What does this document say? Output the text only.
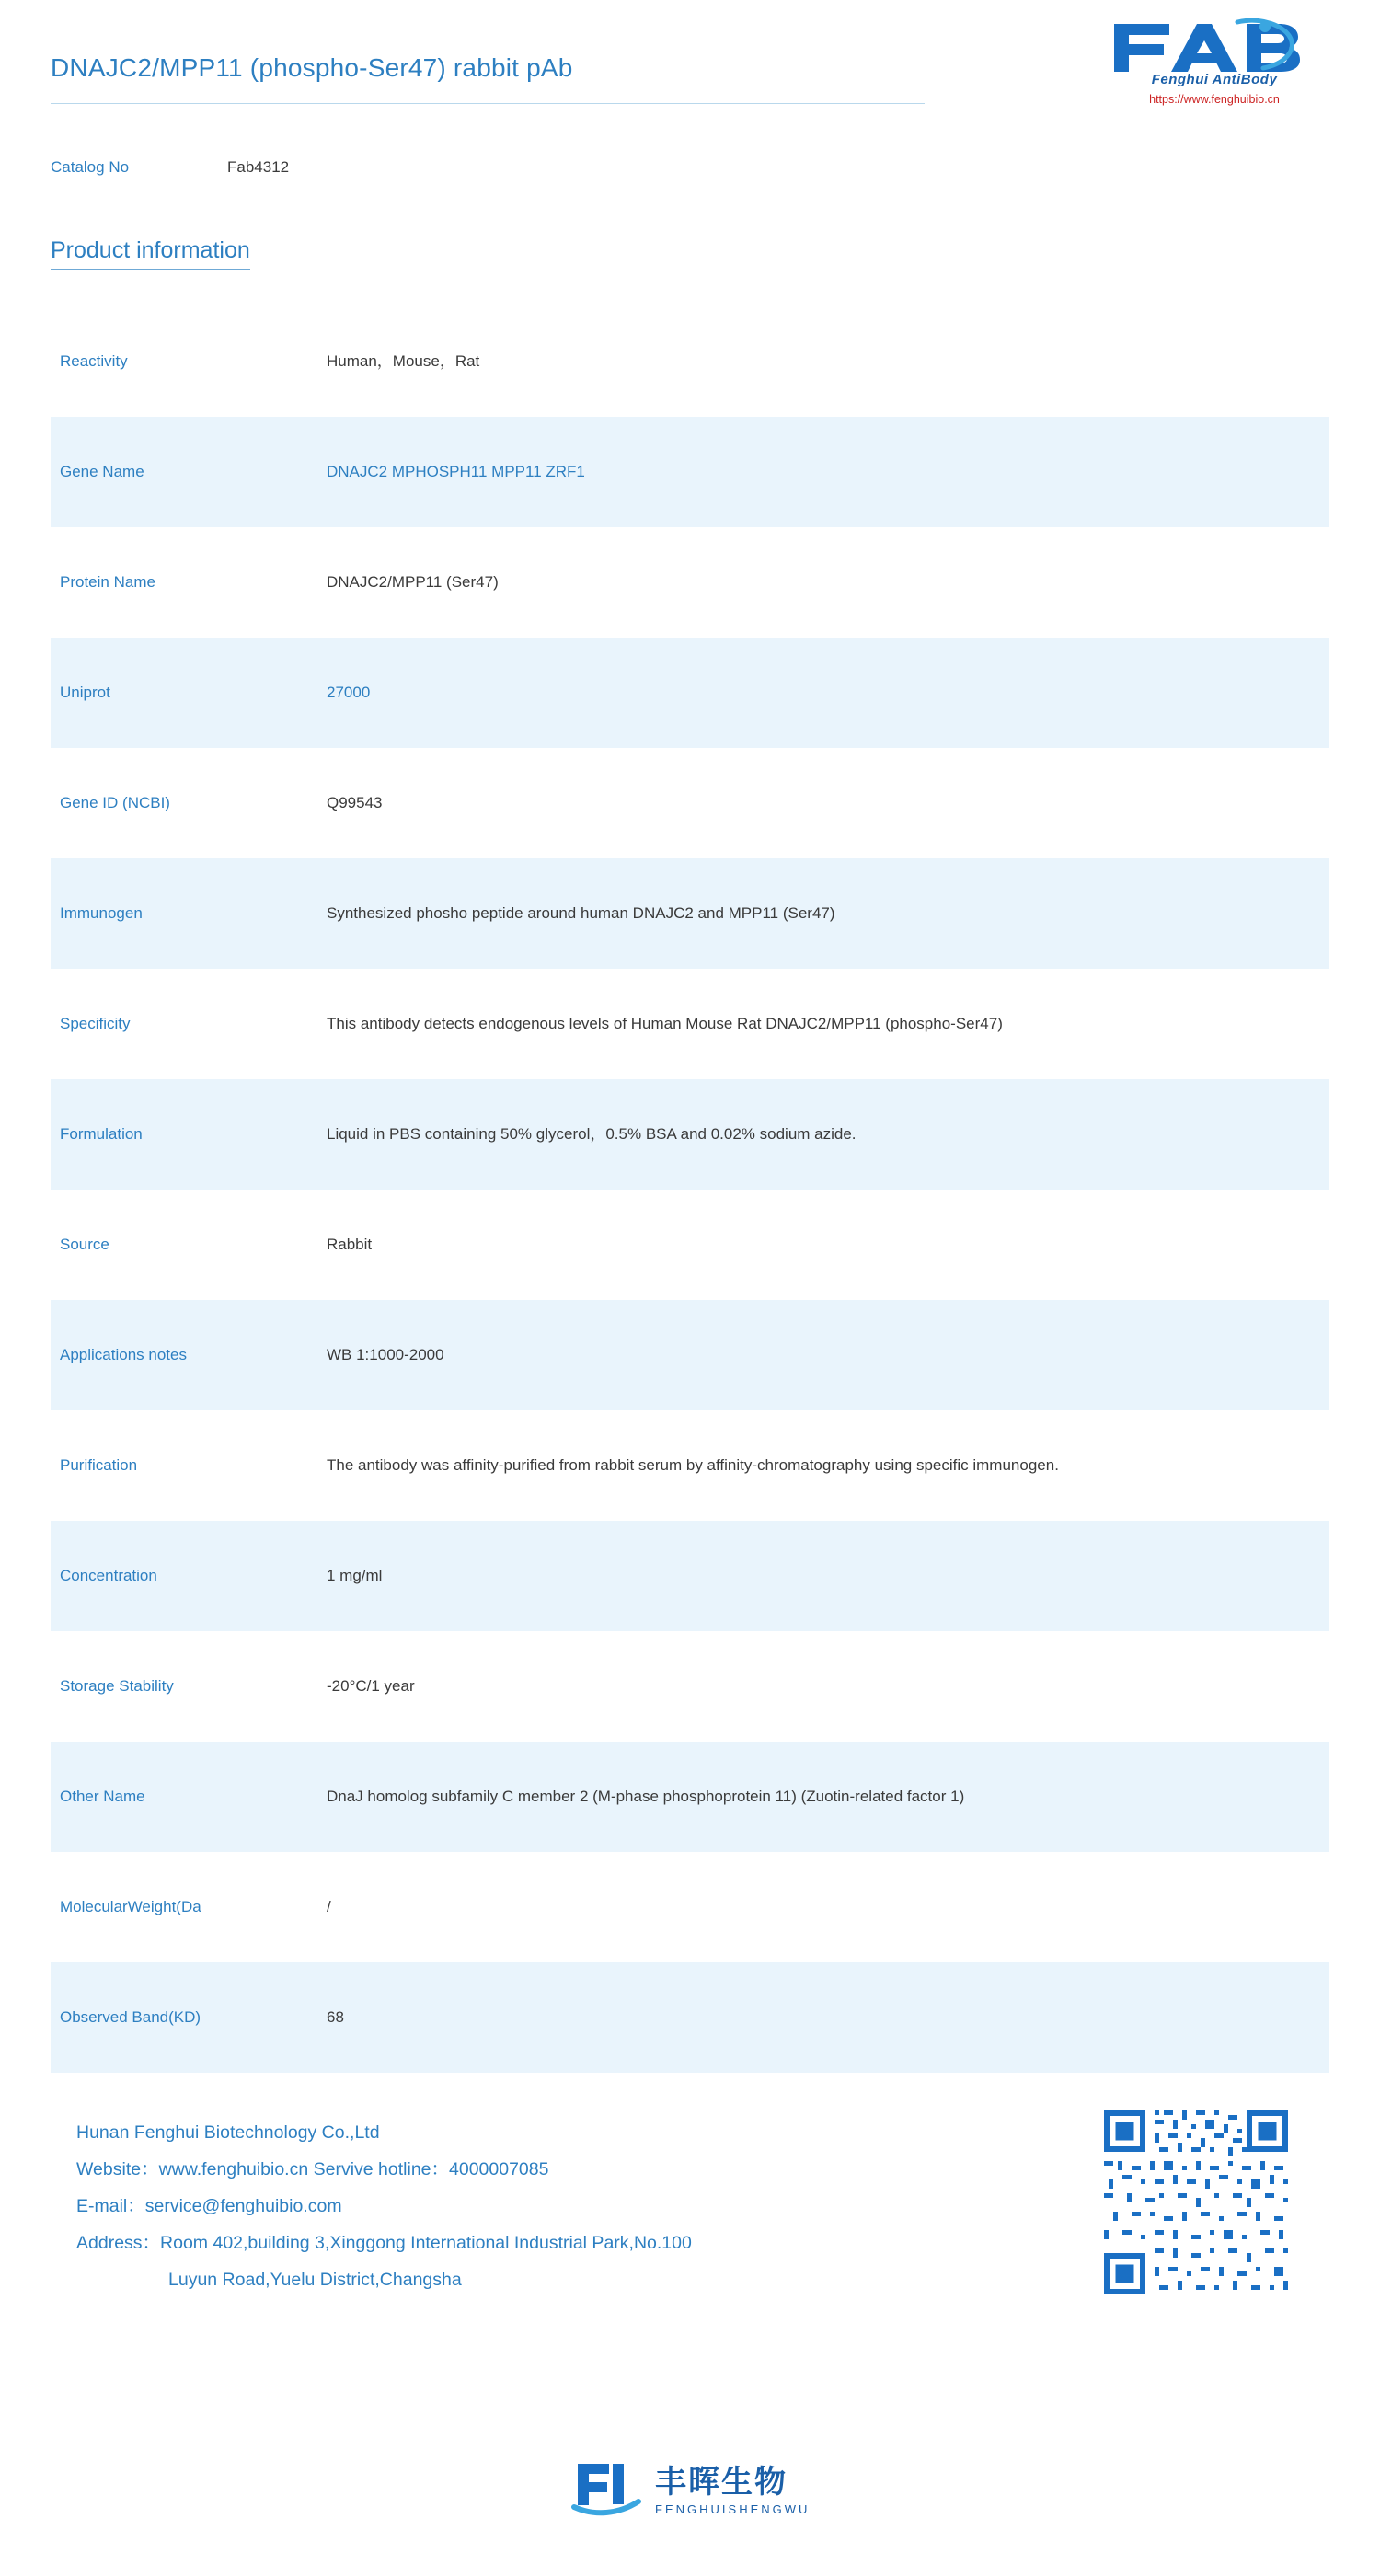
DNAJC2/MPP11 (phospho-Ser47) rabbit pAb	Fenghui AntiBody
https://www.fenghuibio.cn
Catalog No	Fab4312
Product information
Reactivity	Human，Mouse，Rat
Gene Name	DNAJC2 MPHOSPH11 MPP11 ZRF1
Protein Name	DNAJC2/MPP11 (Ser47)
Uniprot	27000
Gene ID (NCBI)	Q99543
Immunogen	Synthesized phosho peptide around human DNAJC2 and MPP11 (Ser47)
Specificity	This antibody detects endogenous levels of Human Mouse Rat DNAJC2/MPP11 (phospho-Ser47)
Formulation	Liquid in PBS containing 50% glycerol，0.5% BSA and 0.02% sodium azide.
Source	Rabbit
Applications notes	WB 1:1000-2000
Purification	The antibody was affinity-purified from rabbit serum by affinity-chromatography using specific immunogen.
Concentration	1 mg/ml
Storage Stability	-20°C/1 year
Other Name	DnaJ homolog subfamily C member 2 (M-phase phosphoprotein 11) (Zuotin-related factor 1)
MolecularWeight(Da	/
Observed Band(KD)	68
Hunan Fenghui Biotechnology Co.,Ltd
Website：www.fenghuibio.cn Servive hotline：4000007085
E-mail：service@fenghuibio.com
Address：Room 402,building 3,Xinggong International Industrial Park,No.100
Luyun Road,Yuelu District,Changsha
丰晖生物
FENGHUISHENGWU
